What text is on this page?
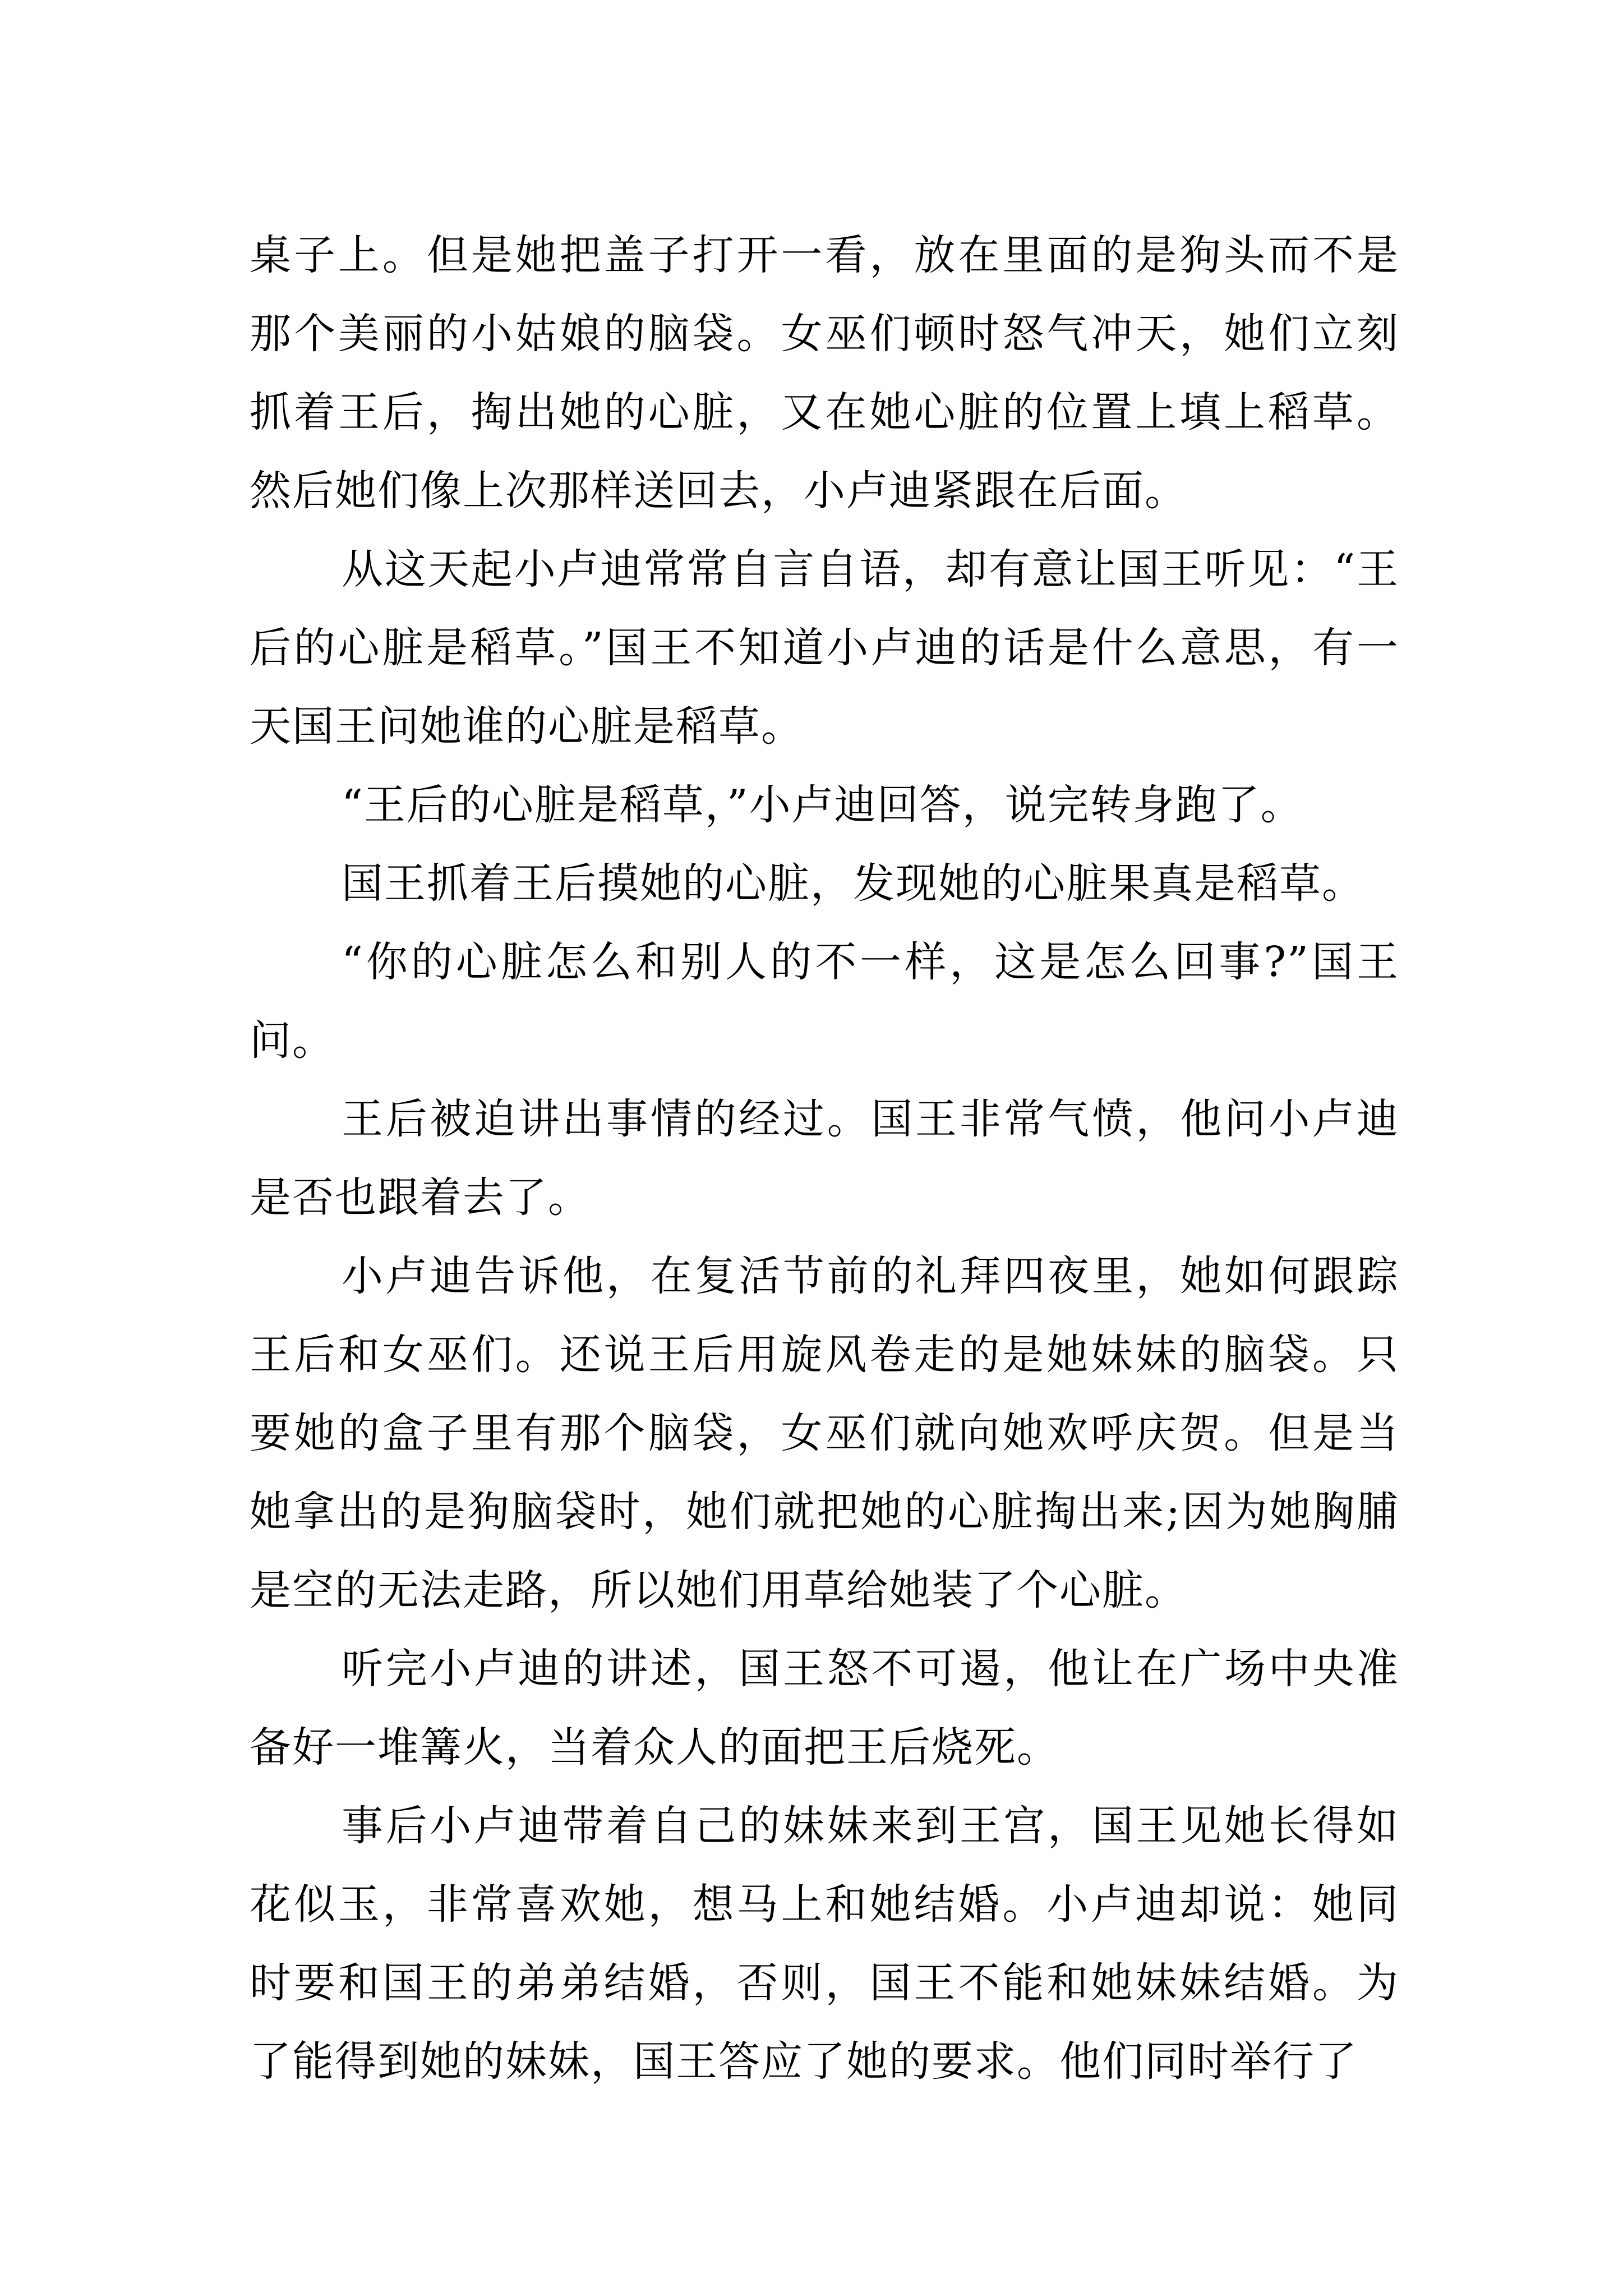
桌子上。但是她把盖子打开一看，放在里面的是狗头而不是那个美丽的小姑娘的脑袋。女巫们顿时怒气冲天，她们立刻抓着王后，掏出她的心脏，又在她心脏的位置上填上稻草。然后她们像上次那样送回去，小卢迪紧跟在后面。

从这天起小卢迪常常自言自语，却有意让国王听见：“王后的心脏是稻草。”国王不知道小卢迪的话是什么意思，有一天国王问她谁的心脏是稻草。

“王后的心脏是稻草，”小卢迪回答，说完转身跑了。

国王抓着王后摸她的心脏，发现她的心脏果真是稻草。

“你的心脏怎么和别人的不一样，这是怎么回事?”国王问。

王后被迫讲出事情的经过。国王非常气愤，他问小卢迪是否也跟着去了。

小卢迪告诉他，在复活节前的礼拜四夜里，她如何跟踪王后和女巫们。还说王后用旋风卷走的是她妹妹的脑袋。只要她的盒子里有那个脑袋，女巫们就向她欢呼庆贺。但是当她拿出的是狗脑袋时，她们就把她的心脏掏出来;因为她胸脯是空的无法走路，所以她们用草给她装了个心脏。

听完小卢迪的讲述，国王怒不可遏，他让在广场中央准备好一堆篝火，当着众人的面把王后烧死。

事后小卢迪带着自己的妹妹来到王宫，国王见她长得如花似玉，非常喜欢她，想马上和她结婚。小卢迪却说：她同时要和国王的弟弟结婚，否则，国王不能和她妹妹结婚。为了能得到她的妹妹，国王答应了她的要求。他们同时举行了
